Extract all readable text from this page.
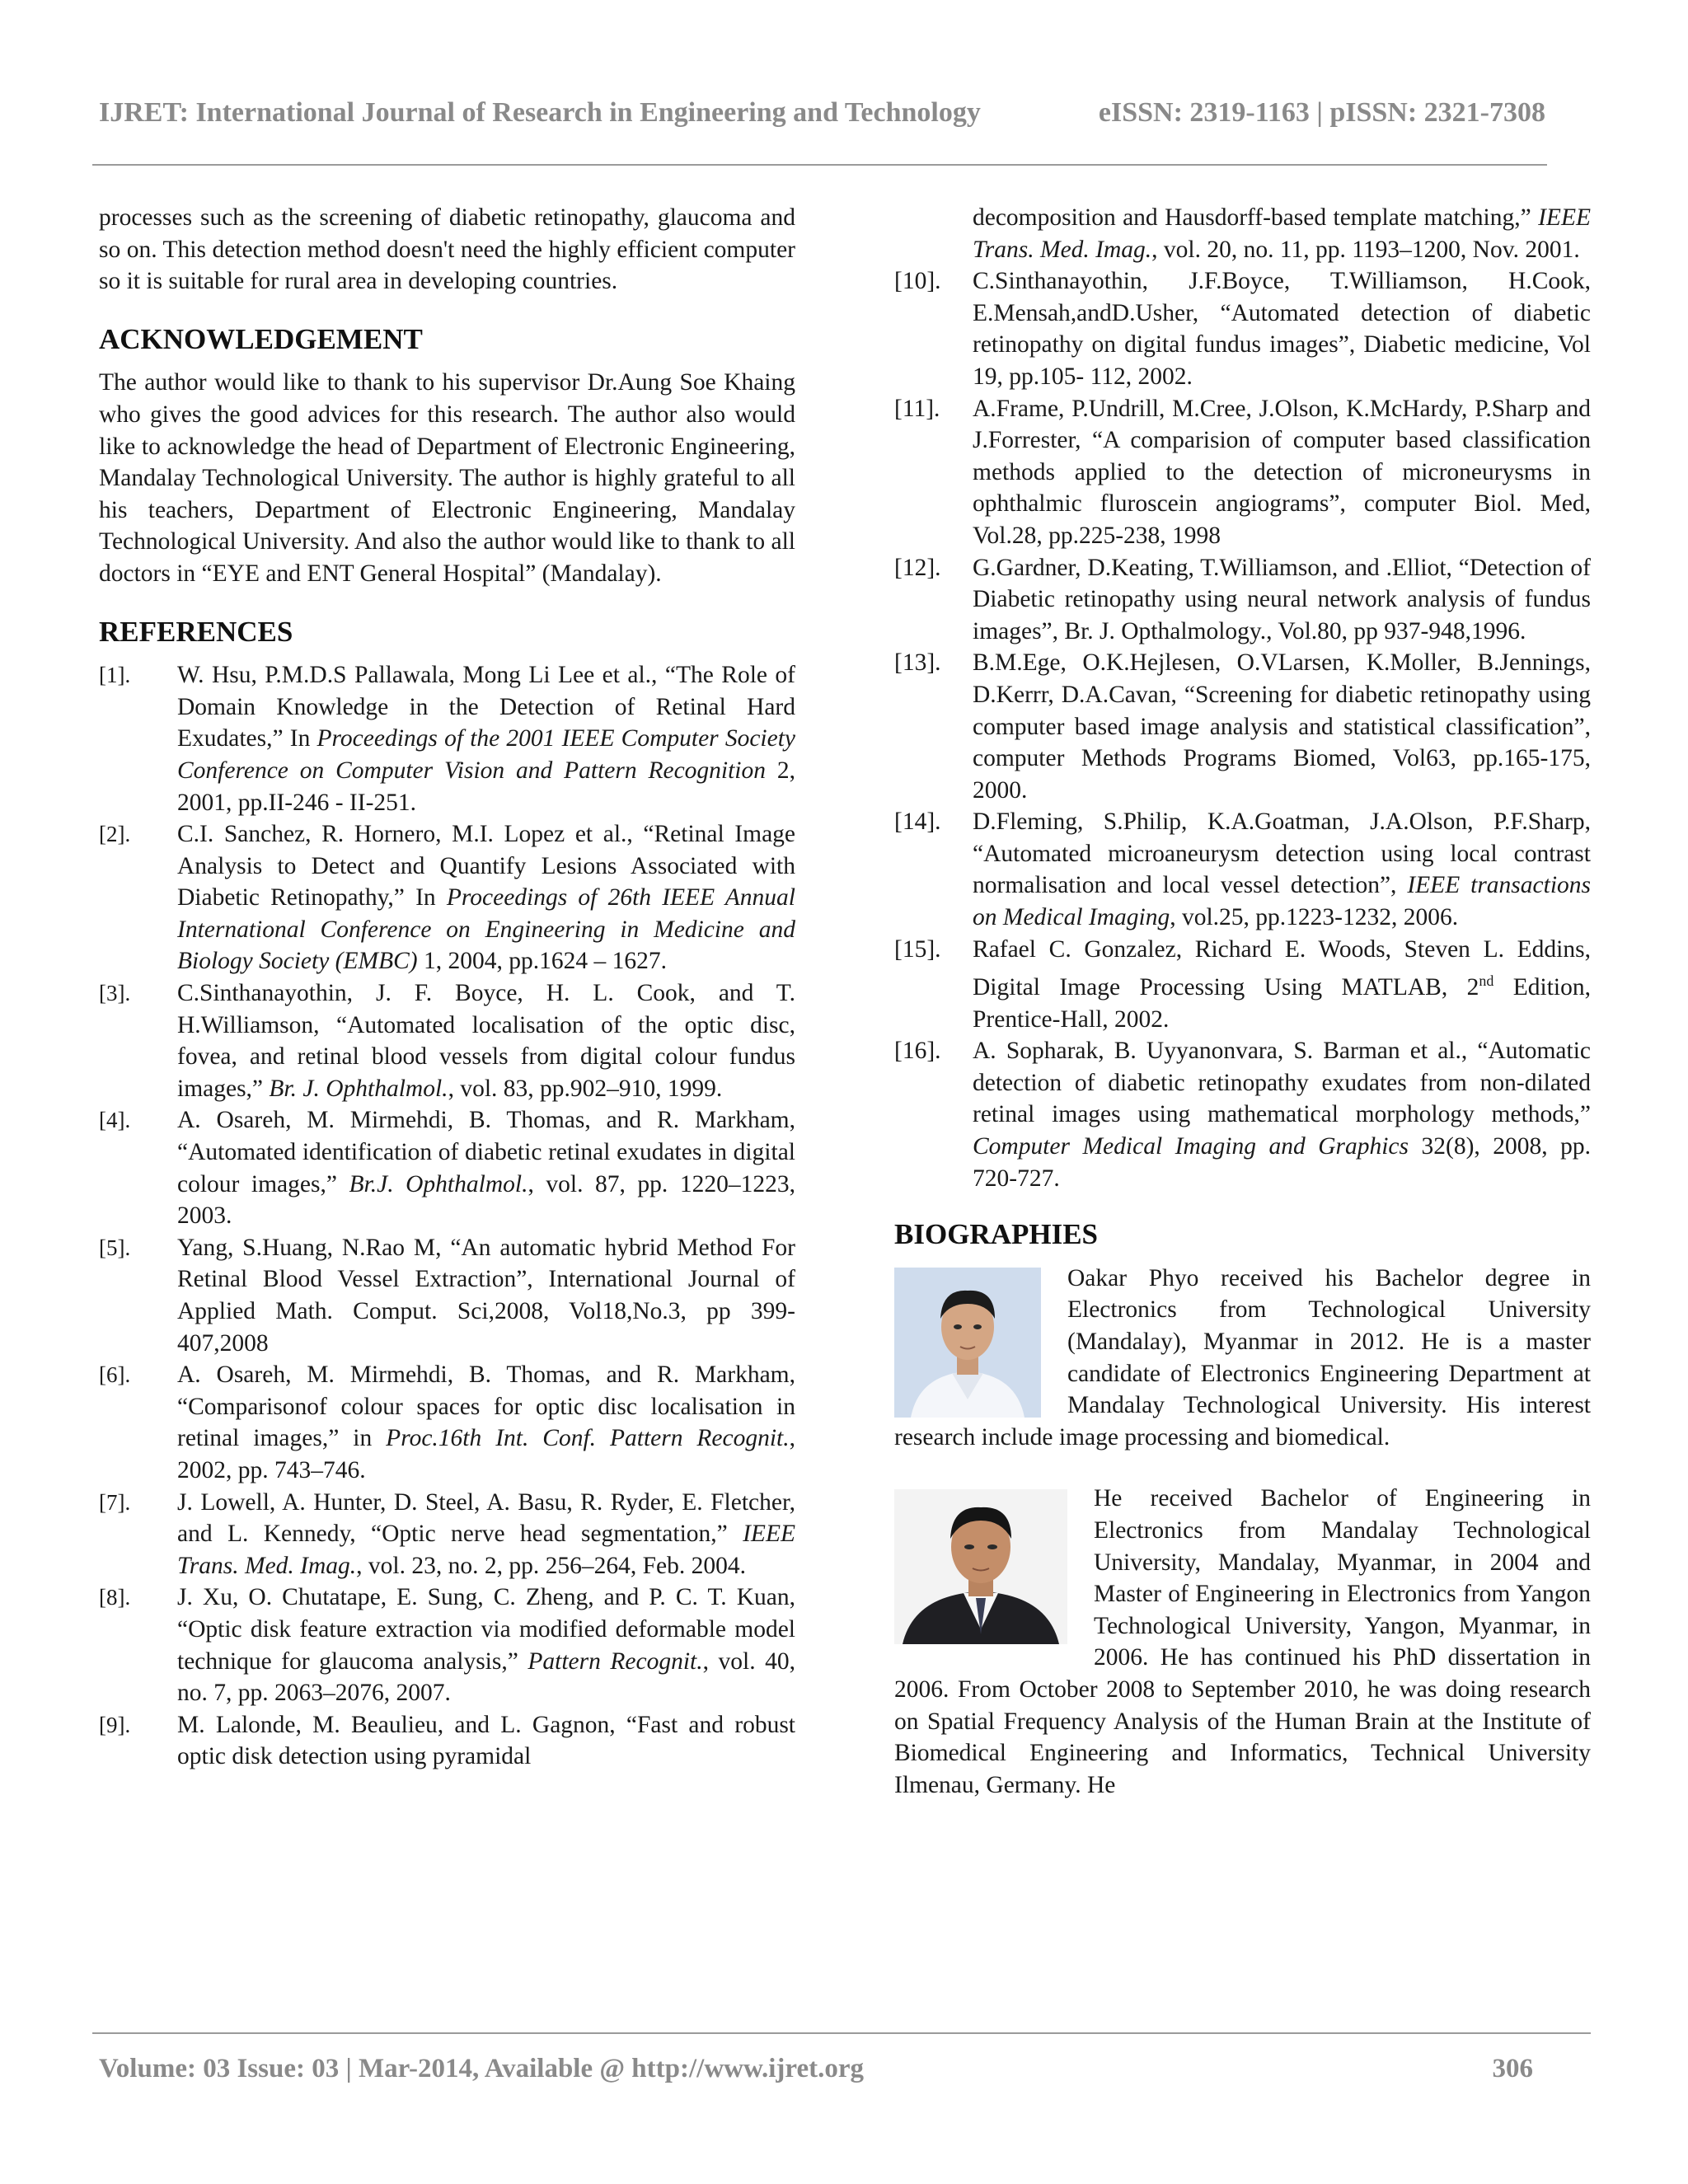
IJRET: International Journal of Research in Engineering and Technology	eISSN: 2319-1163 | pISSN: 2321-7308

processes such as the screening of diabetic retinopathy, glaucoma and so on. This detection method doesn't need the highly efficient computer so it is suitable for rural area in developing countries.

ACKNOWLEDGEMENT

The author would like to thank to his supervisor Dr.Aung Soe Khaing who gives the good advices for this research. The author also would like to acknowledge the head of Department of Electronic Engineering, Mandalay Technological University. The author is highly grateful to all his teachers, Department of Electronic Engineering, Mandalay Technological University. And also the author would like to thank to all doctors in “EYE and ENT General Hospital” (Mandalay).

REFERENCES
[1].	W. Hsu, P.M.D.S Pallawala, Mong Li Lee et al., “The Role of Domain Knowledge in the Detection of Retinal Hard Exudates,” In Proceedings of the 2001 IEEE Computer Society Conference on Computer Vision and Pattern Recognition 2, 2001, pp.II-246 - II-251.
[2].	C.I. Sanchez, R. Hornero, M.I. Lopez et al., “Retinal Image Analysis to Detect and Quantify Lesions Associated with Diabetic Retinopathy,” In Proceedings of 26th IEEE Annual International Conference on Engineering in Medicine and Biology Society (EMBC) 1, 2004, pp.1624 – 1627.
[3].	C.Sinthanayothin, J. F. Boyce, H. L. Cook, and T. H.Williamson, “Automated localisation of the optic disc, fovea, and retinal blood vessels from digital colour fundus images,” Br. J. Ophthalmol., vol. 83, pp.902–910, 1999.
[4].	A. Osareh, M. Mirmehdi, B. Thomas, and R. Markham, “Automated identification of diabetic retinal exudates in digital colour images,” Br.J. Ophthalmol., vol. 87, pp. 1220–1223, 2003.
[5].	Yang, S.Huang, N.Rao M, “An automatic hybrid Method For Retinal Blood Vessel Extraction”, International Journal of Applied Math. Comput. Sci,2008, Vol18,No.3, pp 399-407,2008
[6].	A. Osareh, M. Mirmehdi, B. Thomas, and R. Markham, “Comparisonof colour spaces for optic disc localisation in retinal images,” in Proc.16th Int. Conf. Pattern Recognit., 2002, pp. 743–746.
[7].	J. Lowell, A. Hunter, D. Steel, A. Basu, R. Ryder, E. Fletcher, and L. Kennedy, “Optic nerve head segmentation,” IEEE Trans. Med. Imag., vol. 23, no. 2, pp. 256–264, Feb. 2004.
[8].	J. Xu, O. Chutatape, E. Sung, C. Zheng, and P. C. T. Kuan, “Optic disk feature extraction via modified deformable model technique for glaucoma analysis,” Pattern Recognit., vol. 40, no. 7, pp. 2063–2076, 2007.
[9].	M. Lalonde, M. Beaulieu, and L. Gagnon, “Fast and robust optic disk detection using pyramidal
decomposition and Hausdorff-based template matching,” IEEE Trans. Med. Imag., vol. 20, no. 11, pp. 1193–1200, Nov. 2001.
[10].	C.Sinthanayothin, J.F.Boyce, T.Williamson, H.Cook, E.Mensah,andD.Usher, “Automated detection of diabetic retinopathy on digital fundus images”, Diabetic medicine, Vol 19, pp.105- 112, 2002.
[11].	A.Frame, P.Undrill, M.Cree, J.Olson, K.McHardy, P.Sharp and J.Forrester, “A comparision of computer based classification methods applied to the detection of microneurysms in ophthalmic fluroscein angiograms”, computer Biol. Med, Vol.28, pp.225-238, 1998
[12].	G.Gardner, D.Keating, T.Williamson, and .Elliot, “Detection of Diabetic retinopathy using neural network analysis of fundus images”, Br. J. Opthalmology., Vol.80, pp 937-948,1996.
[13].	B.M.Ege, O.K.Hejlesen, O.VLarsen, K.Moller, B.Jennings, D.Kerrr, D.A.Cavan, “Screening for diabetic retinopathy using computer based image analysis and statistical classification”, computer Methods Programs Biomed, Vol63, pp.165-175, 2000.
[14].	D.Fleming, S.Philip, K.A.Goatman, J.A.Olson, P.F.Sharp, “Automated microaneurysm detection using local contrast normalisation and local vessel detection”, IEEE transactions on Medical Imaging, vol.25, pp.1223-1232, 2006.
[15].	Rafael C. Gonzalez, Richard E. Woods, Steven L. Eddins, Digital Image Processing Using MATLAB, 2nd Edition, Prentice-Hall, 2002.
[16].	A. Sopharak, B. Uyyanonvara, S. Barman et al., “Automatic detection of diabetic retinopathy exudates from non-dilated retinal images using mathematical morphology methods,” Computer Medical Imaging and Graphics 32(8), 2008, pp. 720-727.
BIOGRAPHIES
Oakar Phyo received his Bachelor degree in Electronics from Technological University (Mandalay), Myanmar in 2012. He is a master candidate of Electronics Engineering Department at Mandalay Technological University. His interest research include image processing and biomedical.
He received Bachelor of Engineering in Electronics from Mandalay Technological University, Mandalay, Myanmar, in 2004 and Master of Engineering in Electronics from Yangon Technological University, Yangon, Myanmar, in 2006. He has continued his PhD dissertation in 2006. From October 2008 to September 2010, he was doing research on Spatial Frequency Analysis of the Human Brain at the Institute of Biomedical Engineering and Informatics, Technical University Ilmenau, Germany. He
Volume: 03 Issue: 03 | Mar-2014, Available @ http://www.ijret.org	306
